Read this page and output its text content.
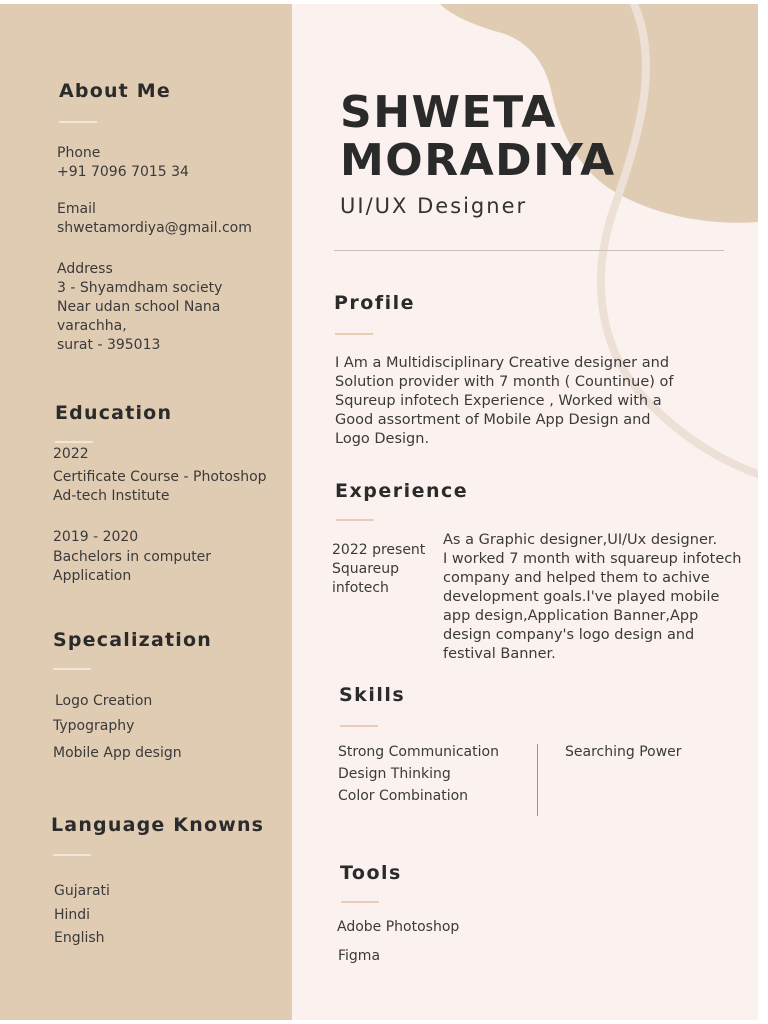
About Me
Phone
+91 7096 7015 34
Email
shwetamordiya@gmail.com
Address
3 - Shyamdham society
Near udan school Nana
varachha,
surat - 395013
Education
2022
Certificate Course - Photoshop
Ad-tech Institute
2019 - 2020
Bachelors in computer
Application
Specalization
Logo Creation
Typography
Mobile App design
Language Knowns
Gujarati
Hindi
English
SHWETA
MORADIYA
UI/UX Designer
Profile
I Am a Multidisciplinary Creative designer and
Solution provider with 7 month ( Countinue) of
Squreup infotech Experience , Worked with a
Good assortment of Mobile App Design and
Logo Design.
Experience
2022 present
Squareup
infotech
As a Graphic designer,UI/Ux designer.
I worked 7 month with squareup infotech
company and helped them to achive
development goals.I've played mobile
app design,Application Banner,App
design company's logo design and
festival Banner.
Skills
Strong Communication
Design Thinking
Color Combination
Searching Power
Tools
Adobe Photoshop
Figma
